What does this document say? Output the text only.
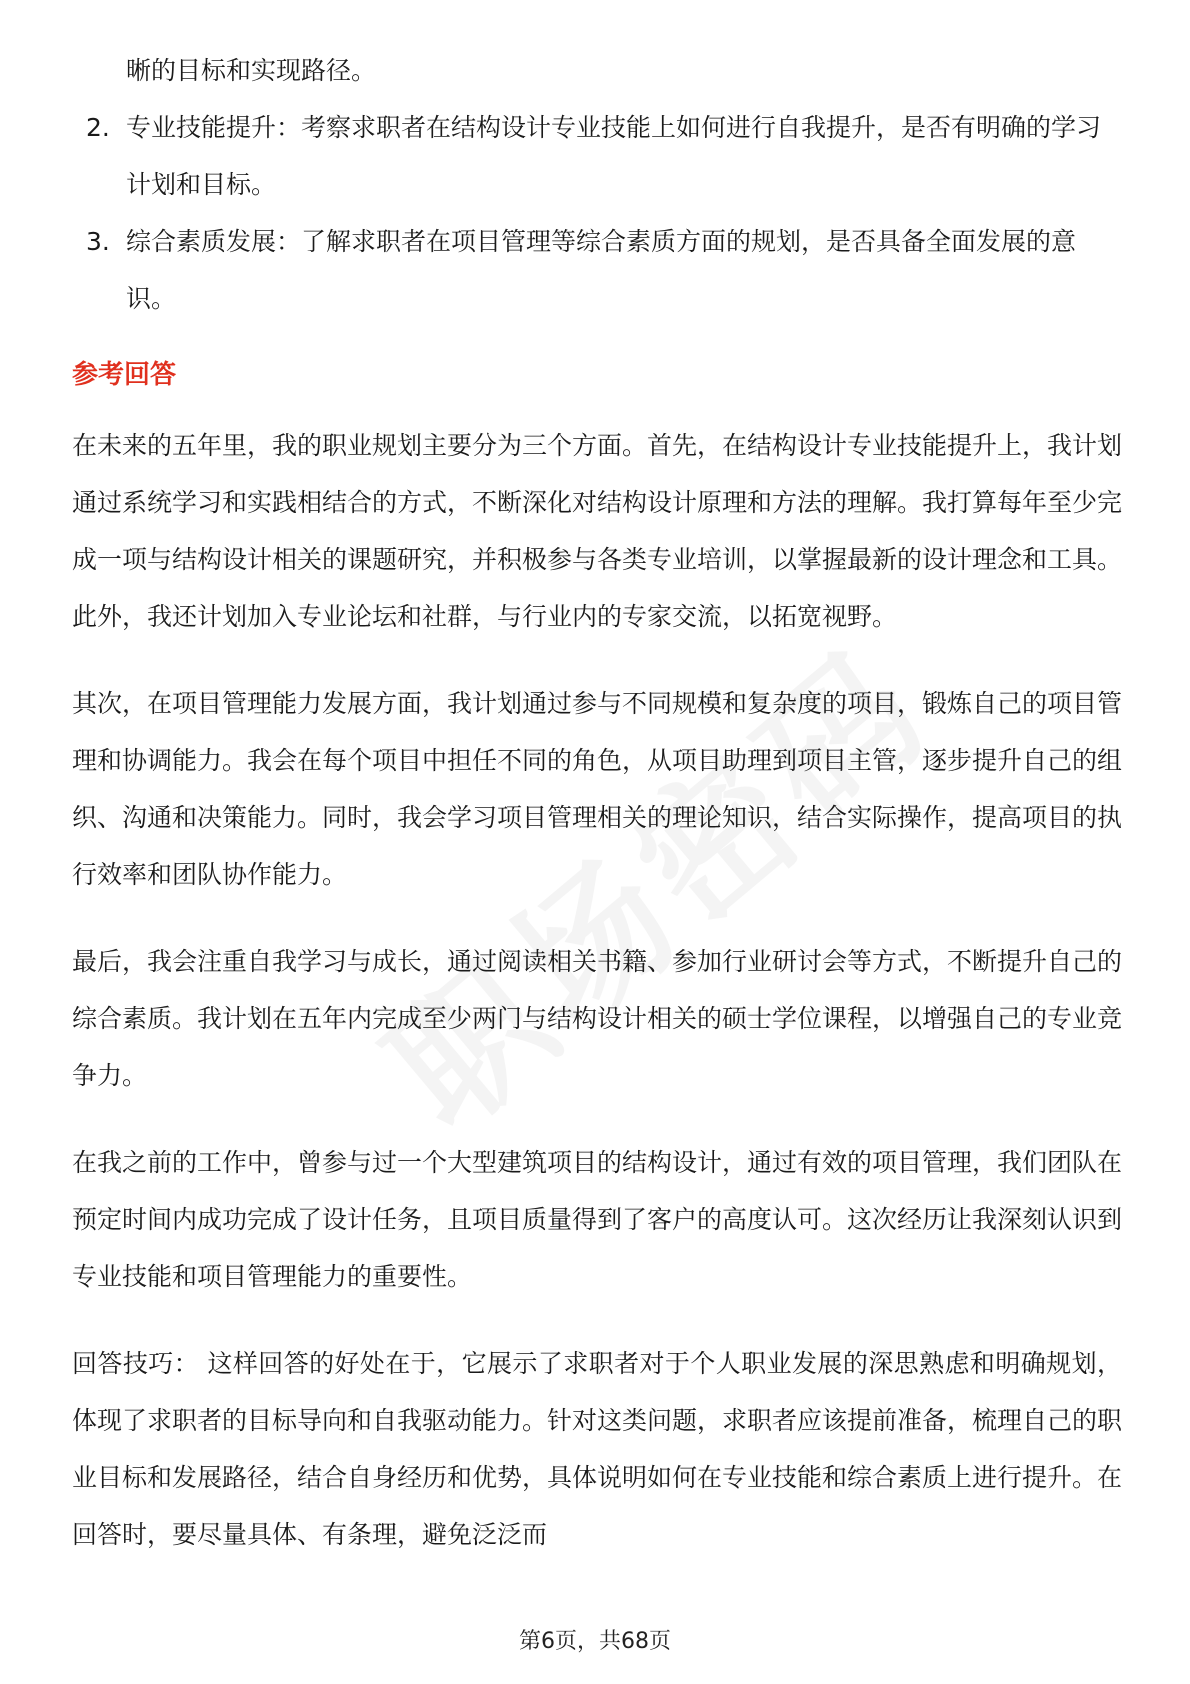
晰的目标和实现路径。

2. 专业技能提升：考察求职者在结构设计专业技能上如何进行自我提升，是否有明确的学习计划和目标。
3. 综合素质发展：了解求职者在项目管理等综合素质方面的规划，是否具备全面发展的意识。
参考回答

在未来的五年里，我的职业规划主要分为三个方面。首先，在结构设计专业技能提升上，我计划通过系统学习和实践相结合的方式，不断深化对结构设计原理和方法的理解。我打算每年至少完成一项与结构设计相关的课题研究，并积极参与各类专业培训，以掌握最新的设计理念和工具。此外，我还计划加入专业论坛和社群，与行业内的专家交流，以拓宽视野。

其次，在项目管理能力发展方面，我计划通过参与不同规模和复杂度的项目，锻炼自己的项目管理和协调能力。我会在每个项目中担任不同的角色，从项目助理到项目主管，逐步提升自己的组织、沟通和决策能力。同时，我会学习项目管理相关的理论知识，结合实际操作，提高项目的执行效率和团队协作能力。

最后，我会注重自我学习与成长，通过阅读相关书籍、参加行业研讨会等方式，不断提升自己的综合素质。我计划在五年内完成至少两门与结构设计相关的硕士学位课程，以增强自己的专业竞争力。

在我之前的工作中，曾参与过一个大型建筑项目的结构设计，通过有效的项目管理，我们团队在预定时间内成功完成了设计任务，且项目质量得到了客户的高度认可。这次经历让我深刻认识到专业技能和项目管理能力的重要性。

回答技巧： 这样回答的好处在于，它展示了求职者对于个人职业发展的深思熟虑和明确规划，体现了求职者的目标导向和自我驱动能力。针对这类问题，求职者应该提前准备，梳理自己的职业目标和发展路径，结合自身经历和优势，具体说明如何在专业技能和综合素质上进行提升。在回答时，要尽量具体、有条理，避免泛泛而

第6页，共68页
